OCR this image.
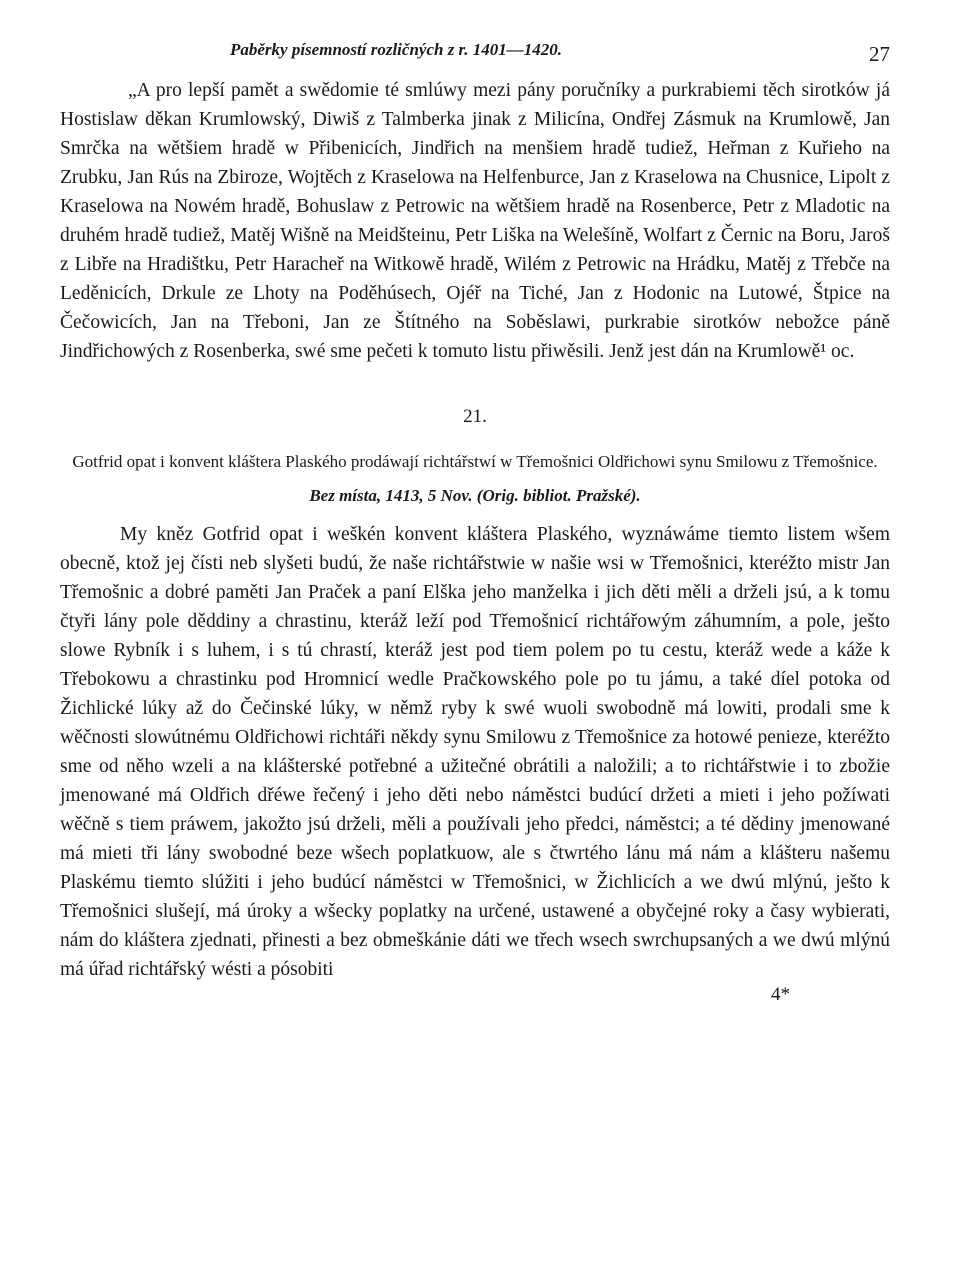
Paběrky písemností rozličných z r. 1401—1420.	27

„A pro lepší pamět a swědomie té smlúwy mezi pány poručníky a purkrabiemi těch sirotków já Hostislaw děkan Krumlowský, Diwiš z Talmberka jinak z Milicína, Ondřej Zásmuk na Krumlowě, Jan Smrčka na wětšiem hradě w Přibenicích, Jindřich na menšiem hradě tudiež, Heřman z Kuřieho na Zrubku, Jan Rús na Zbiroze, Wojtěch z Kraselowa na Helfenburce, Jan z Kraselowa na Chusnice, Lipolt z Kraselowa na Nowém hradě, Bohuslaw z Petrowic na wětšiem hradě na Rosenberce, Petr z Mladotic na druhém hradě tudiež, Matěj Wišně na Meidšteinu, Petr Liška na Welešíně, Wolfart z Černic na Boru, Jaroš z Libře na Hradištku, Petr Haracheř na Witkowě hradě, Wilém z Petrowic na Hrádku, Matěj z Třebče na Leděnicích, Drkule ze Lhoty na Poděhúsech, Ojéř na Tiché, Jan z Hodonic na Lutowé, Štpice na Čečowicích, Jan na Třeboni, Jan ze Štítného na Soběslawi, purkrabie sirotków nebožce páně Jindřichowých z Rosenberka, swé sme pečeti k tomuto listu přiwěsili. Jenž jest dán na Krumlowě¹ oc.

21.
Gotfrid opat i konvent kláštera Plaského prodáwají richtářstwí w Třemošnici Oldřichowi synu Smilowu z Třemošnice.
Bez místa, 1413, 5 Nov. (Orig. bibliot. Pražské).

My kněz Gotfrid opat i weškén konvent kláštera Plaského, wyznáwáme tiemto listem wšem obecně, ktož jej čísti neb slyšeti budú, že naše richtářstwie w našie wsi w Třemošnici, kteréžto mistr Jan Třemošnic a dobré paměti Jan Praček a paní Elška jeho manželka i jich děti měli a drželi jsú, a k tomu čtyři lány pole děddiny a chrastinu, kteráž leží pod Třemošnicí richtářowým záhumním, a pole, ješto slowe Rybník i s luhem, i s tú chrastí, kteráž jest pod tiem polem po tu cestu, kteráž wede a káže k Třebokowu a chrastinku pod Hromnicí wedle Pračkowského pole po tu jámu, a také díel potoka od Žichlické lúky až do Čečinské lúky, w němž ryby k swé wuoli swobodně má lowiti, prodali sme k wěčnosti slowútnému Oldřichowi richtáři někdy synu Smilowu z Třemošnice za hotowé penieze, kteréžto sme od něho wzeli a na klášterské potřebné a užitečné obrátili a naložili; a to richtářstwie i to zbožie jmenowané má Oldřich dřéwe řečený i jeho děti nebo náměstci budúcí držeti a mieti i jeho požíwati wěčně s tiem práwem, jakožto jsú drželi, měli a používali jeho předci, náměstci; a té dědiny jmenowané má mieti tři lány swobodné beze wšech poplatkuow, ale s čtwrtého lánu má nám a klášteru našemu Plaskému tiemto slúžiti i jeho budúcí náměstci w Třemošnici, w Žichlicích a we dwú mlýnú, ješto k Třemošnici slušejí, má úroky a wšecky poplatky na určené, ustawené a obyčejné roky a časy wybierati, nám do kláštera zjednati, přinesti a bez obmeškánie dáti we třech wsech swrchupsaných a we dwú mlýnú má úřad richtářský wésti a pósobiti

4*
